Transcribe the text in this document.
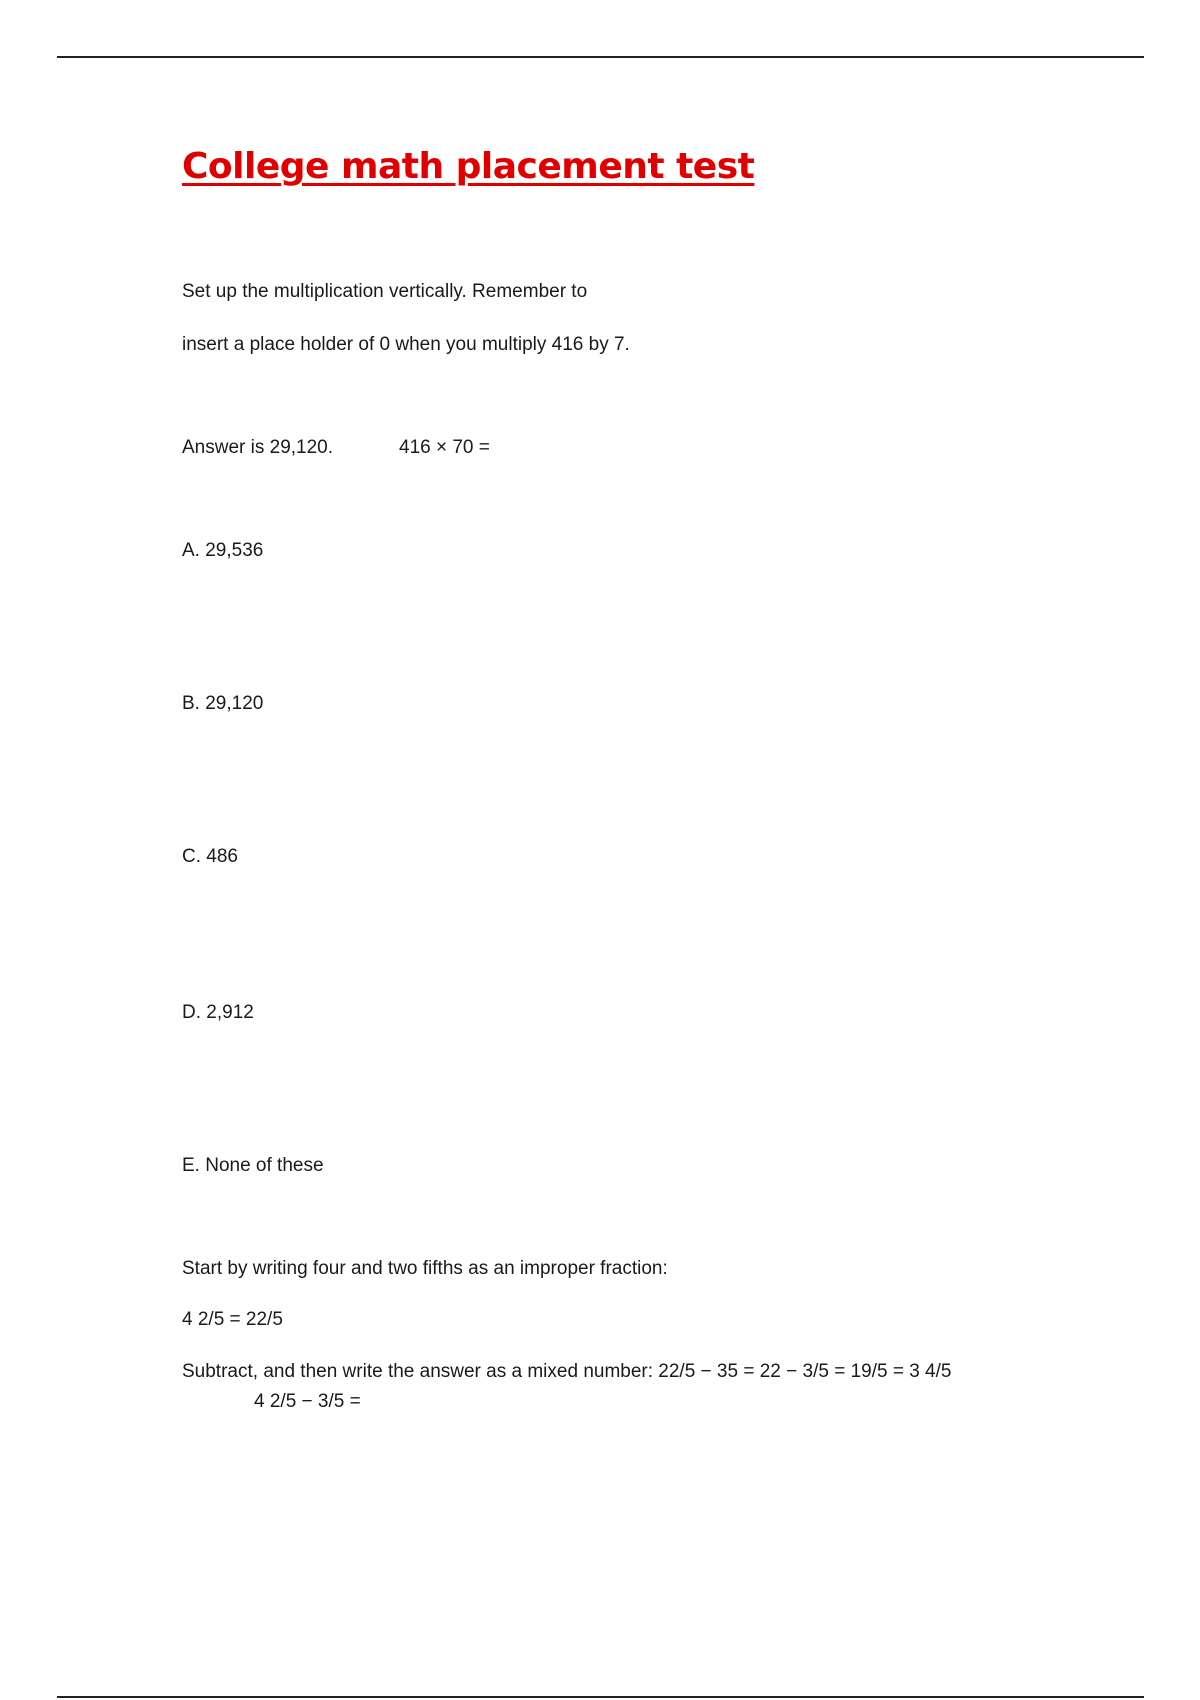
College math placement test

Set up the multiplication vertically. Remember to

insert a place holder of 0 when you multiply 416 by 7.

Answer is 29,120.	416 × 70 =

A. 29,536

B. 29,120

C. 486

D. 2,912

E. None of these

Start by writing four and two fifths as an improper fraction:

4 2/5 = 22/5

Subtract, and then write the answer as a mixed number: 22/5 − 35 = 22 − 3/5 = 19/5 = 3 4/5

4 2/5 − 3/5 =
